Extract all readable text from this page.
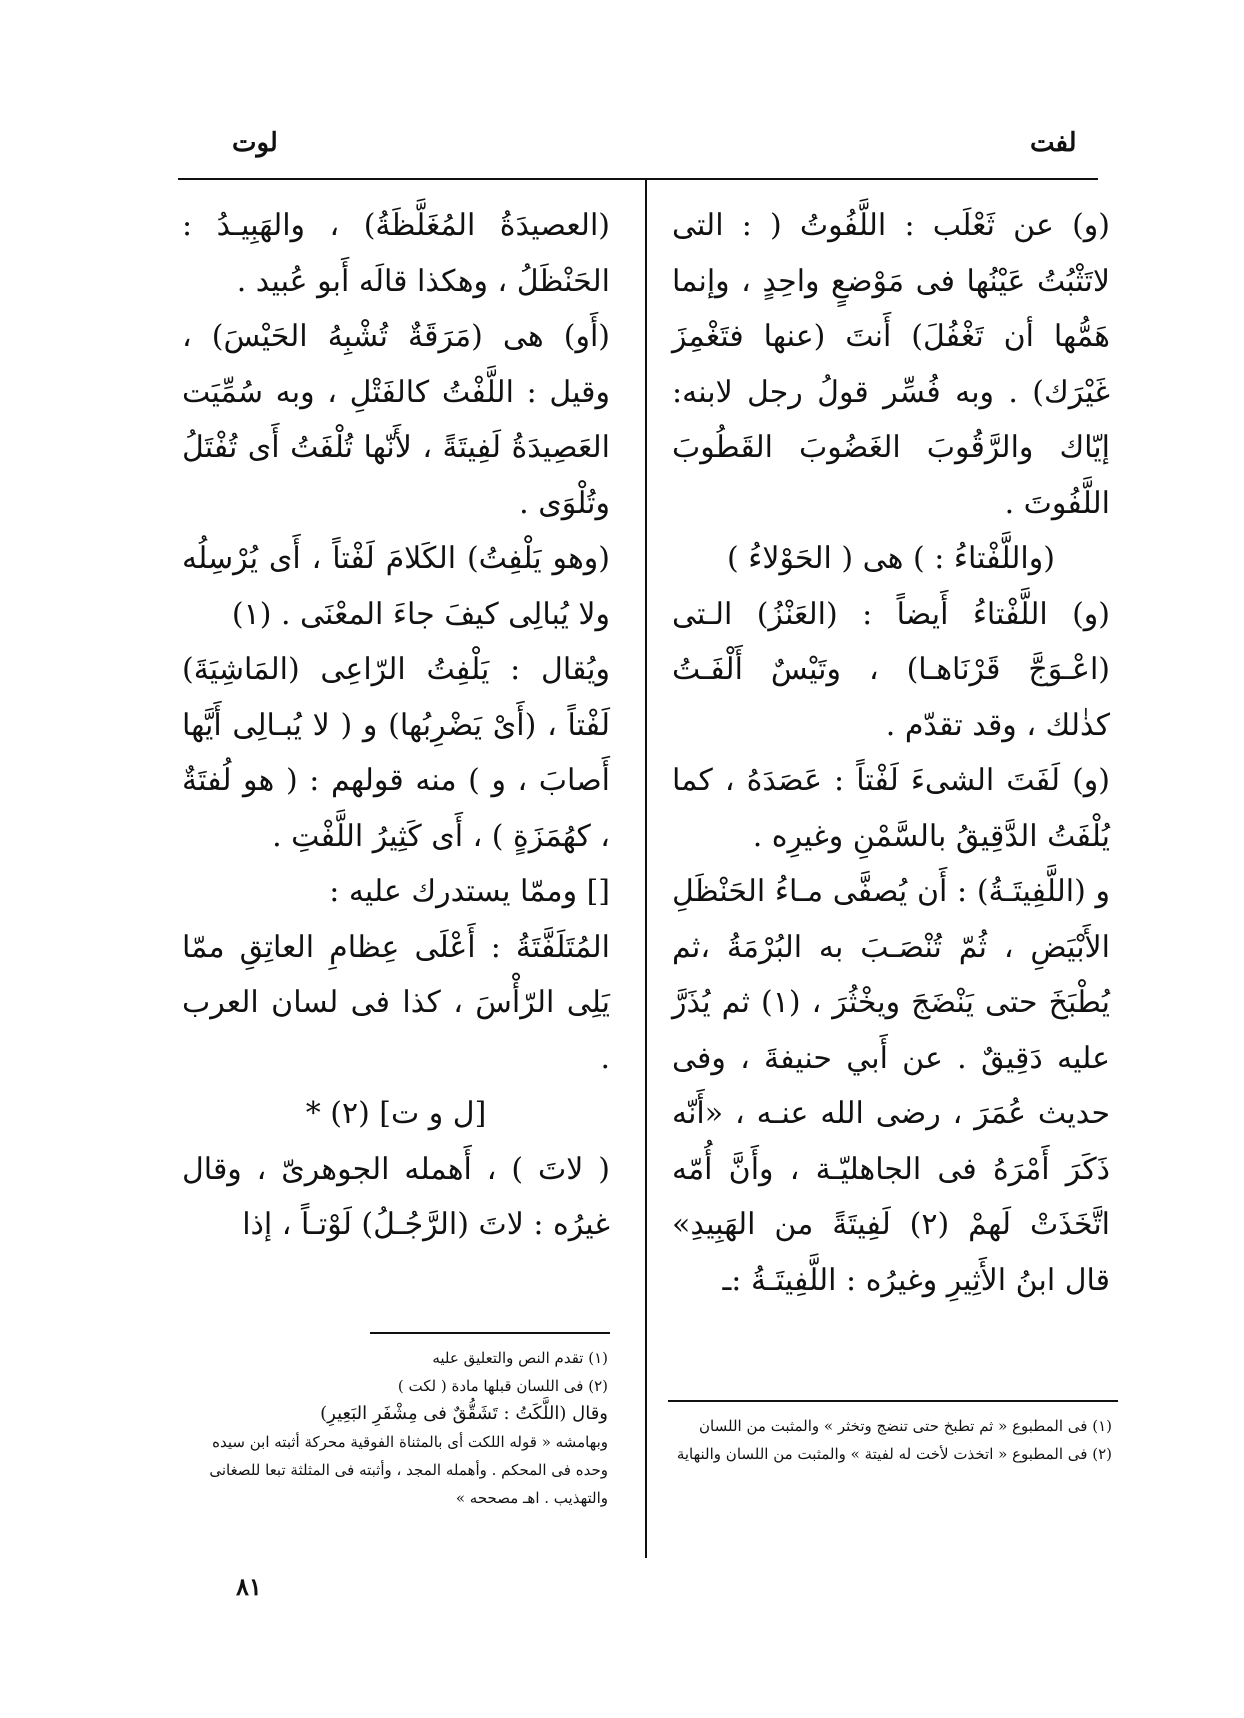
لفت
لوت

(و) عن ثَعْلَب : اللَّفُوتُ ( : التى لاتَثْبُتُ عَيْنُها فى مَوْضعٍ واحِدٍ ، وإنما هَمُّها أن تَغْفُلَ) أَنتَ (عنها فتَغْمِزَ غَيْرَك) . وبه فُسِّر قولُ رجل لابنه: إيّاك والرَّقُوبَ الغَضُوبَ القَطُوبَ اللَّفُوتَ .

(واللَّفْتاءُ : ) هى ( الحَوْلاءُ )

(و) اللَّفْتاءُ أَيضاً : (العَنْزُ) الـتى (اعْـوَجَّ قَرْنَاهـا) ، وتَيْسٌ أَلْفَـتُ كذٰلك ، وقد تقدّم .

(و) لَفَتَ الشىءَ لَفْتاً : عَصَدَهُ ، كما يُلْفَتُ الدَّقِيقُ بالسَّمْنِ وغيرِه .

و (اللَّفِيتَـةُ) : أَن يُصفَّى مـاءُ الحَنْظَلِ الأَبْيَضِ ، ثُمّ تُنْصَـبَ به البُرْمَةُ ،ثم يُطْبَخَ حتى يَنْضَجَ ويخْثُرَ ، (١) ثم يُذَرَّ عليه دَقِيقٌ . عن أَبي حنيفةَ ، وفى حديث عُمَرَ ، رضى الله عنـه ، «أَنّه ذَكَرَ أَمْرَهُ فى الجاهليّـة ، وأَنَّ أُمّه اتَّخَذَتْ لَهمْ (٢) لَفِيتَةً من الهَبِيدِ» قال ابنُ الأَثِيرِ وغيرُه : اللَّفِيتَـةُ :ـ

(العصيدَةُ المُغَلَّظَةُ) ، والهَبِيـدُ : الحَنْظَلُ ، وهكذا قالَه أَبو عُبيد .

(أَو) هى (مَرَقَةٌ تُشْبِهُ الحَيْسَ) ، وقيل : اللَّفْتُ كالفَتْلِ ، وبه سُمِّيَت العَصِيدَةُ لَفِيتَةً ، لأَنّها تُلْفَتُ أَى تُفْتَلُ وتُلْوَى .

(وهو يَلْفِتُ) الكَلامَ لَفْتاً ، أَى يُرْسِلُه ولا يُبالِى كيفَ جاءَ المعْنَى . (١)

ويُقال : يَلْفِتُ الرّاعِى (المَاشِيَةَ) لَفْتاً ، (أَىْ يَضْرِبُها) و ( لا يُبـالِى أَيَّها أَصابَ ، و ) منه قولهم : ( هو لُفتَةٌ ، كهُمَزَةٍ ) ، أَى كَثِيرُ اللَّفْتِ .

[] وممّا يستدرك عليه :

المُتَلَفَّتَةُ : أَعْلَى عِظامِ العاتِقِ ممّا يَلِى الرّأْسَ ، كذا فى لسان العرب .

[ل و ت] (٢) *

( لاتَ ) ، أَهمله الجوهرىّ ، وقال غيرُه : لاتَ (الرَّجُـلُ) لَوْتـاً ، إذا

(١) فى المطبوع « ثم تطبخ حتى تنضج وتخثر » والمثبت من اللسان

(٢) فى المطبوع « اتخذت لأخت له لفيتة » والمثبت من اللسان والنهاية

(١) تقدم النص والتعليق عليه

(٢) فى اللسان قبلها مادة ( لكت )

وقال (اللَّكَتُ : تَشَقُّقٌ فى مِشْفَرِ البَعِيرِ)

وبهامشه « قوله اللكت أى بالمثناة الفوقية محركة أثبته ابن سيده وحده فى المحكم . وأهمله المجد ، وأثبته فى المثلثة تبعا للصغانى والتهذيب . اهـ مصححه »

٨١
